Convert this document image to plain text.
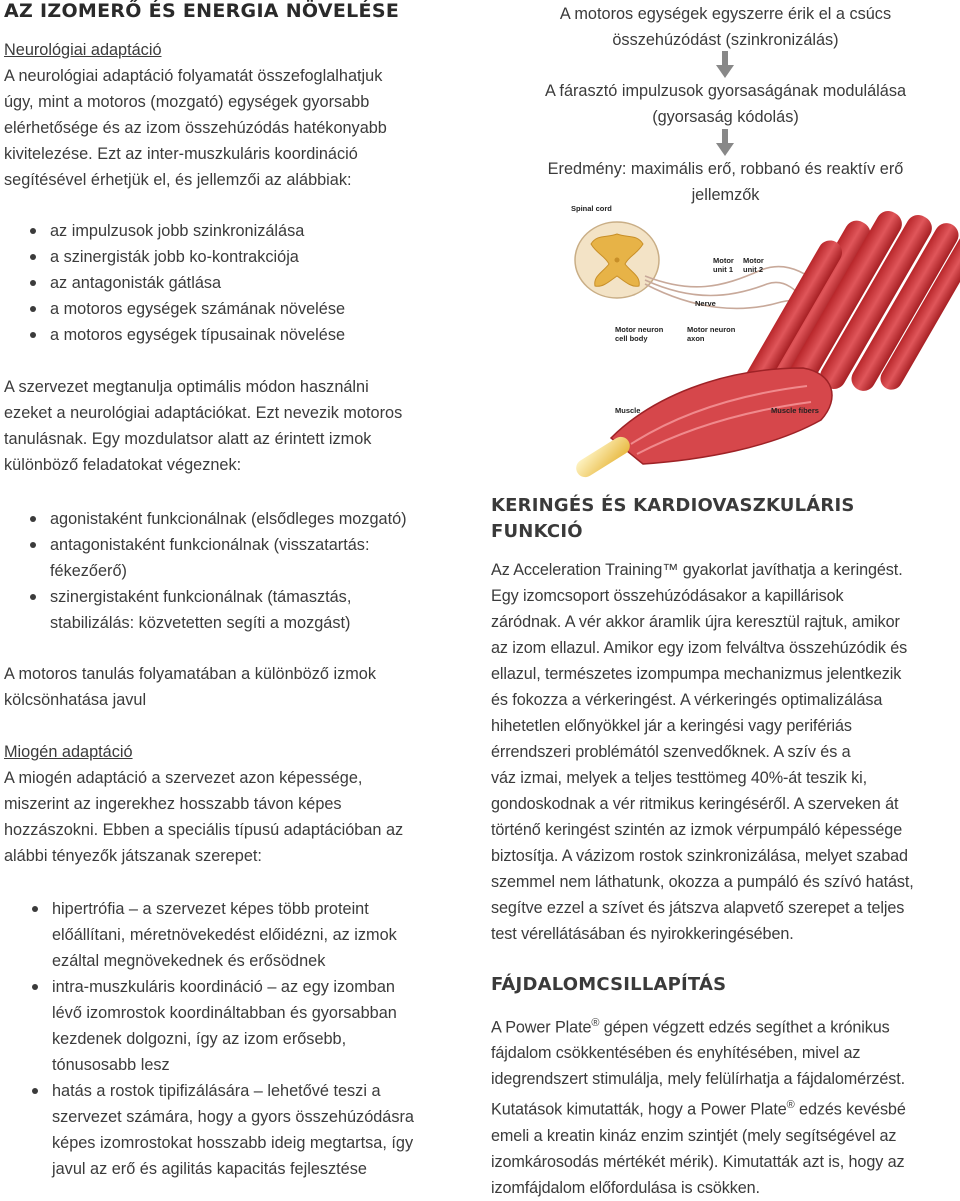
AZ IZOMERŐ ÉS ENERGIA NÖVELÉSE
Neurológiai adaptáció
A neurológiai adaptáció folyamatát összefoglalhatjuk
úgy, mint a motoros (mozgató) egységek gyorsabb
elérhetősége és az izom összehúzódás hatékonyabb
kivitelezése. Ezt az inter-muszkuláris koordináció
segítésével érhetjük el, és jellemzői az alábbiak:
az impulzusok jobb szinkronizálása
a szinergisták jobb ko-kontrakciója
az antagonisták gátlása
a motoros egységek számának növelése
a motoros egységek típusainak növelése
A szervezet megtanulja optimális módon használni
ezeket a neurológiai adaptációkat. Ezt nevezik motoros
tanulásnak. Egy mozdulatsor alatt az érintett izmok
különböző feladatokat végeznek:
agonistaként funkcionálnak (elsődleges mozgató)
antagonistaként funkcionálnak (visszatartás:
fékezőerő)
szinergistaként funkcionálnak (támasztás,
stabilizálás: közvetetten segíti a mozgást)
A motoros tanulás folyamatában a különböző izmok
kölcsönhatása javul
Miogén adaptáció
A miogén adaptáció a szervezet azon képessége,
miszerint az ingerekhez hosszabb távon képes
hozzászokni. Ebben a speciális típusú adaptációban az
alábbi tényezők játszanak szerepet:
hipertrófia – a szervezet képes több proteint
előállítani, méretnövekedést előidézni, az izmok
ezáltal megnövekednek és erősödnek
intra-muszkuláris koordináció – az egy izomban
lévő izomrostok koordináltabban és gyorsabban
kezdenek dolgozni, így az izom erősebb,
tónusosabb lesz
hatás a rostok tipifizálására – lehetővé teszi a
szervezet számára, hogy a gyors összehúzódásra
képes izomrostokat hosszabb ideig megtartsa, így
javul az erő és agilitás kapacitás fejlesztése
A motoros egységek egyszerre érik el a csúcs
összehúzódást (szinkronizálás)
A fárasztó impulzusok gyorsaságának modulálása
(gyorsaság kódolás)
Eredmény: maximális erő, robbanó és reaktív erő
jellemzők
Spinal cord
Motor unit 1
Motor unit 2
Nerve
Motor neuron cell body
Motor neuron axon
Muscle	Muscle fibers
KERINGÉS ÉS KARDIOVASZKULÁRIS
FUNKCIÓ
Az Acceleration Training™ gyakorlat javíthatja a keringést.
Egy izomcsoport összehúzódásakor a kapillárisok
záródnak. A vér akkor áramlik újra keresztül rajtuk, amikor
az izom ellazul. Amikor egy izom felváltva összehúzódik és
ellazul, természetes izompumpa mechanizmus jelentkezik
és fokozza a vérkeringést. A vérkeringés optimalizálása
hihetetlen előnyökkel jár a keringési vagy perifériás
érrendszeri problémától szenvedőknek. A szív és a
váz izmai, melyek a teljes testtömeg 40%-át teszik ki,
gondoskodnak a vér ritmikus keringéséről. A szerveken át
történő keringést szintén az izmok vérpumpáló képessége
biztosítja. A vázizom rostok szinkronizálása, melyet szabad
szemmel nem láthatunk, okozza a pumpáló és szívó hatást,
segítve ezzel a szívet és játszva alapvető szerepet a teljes
test vérellátásában és nyirokkeringésében.
FÁJDALOMCSILLAPÍTÁS
A Power Plate® gépen végzett edzés segíthet a krónikus
fájdalom csökkentésében és enyhítésében, mivel az
idegrendszert stimulálja, mely felülírhatja a fájdalomérzést.
Kutatások kimutatták, hogy a Power Plate® edzés kevésbé
emeli a kreatin kináz enzim szintjét (mely segítségével az
izomkárosodás mértékét mérik). Kimutatták azt is, hogy az
izomfájdalom előfordulása is csökken.
